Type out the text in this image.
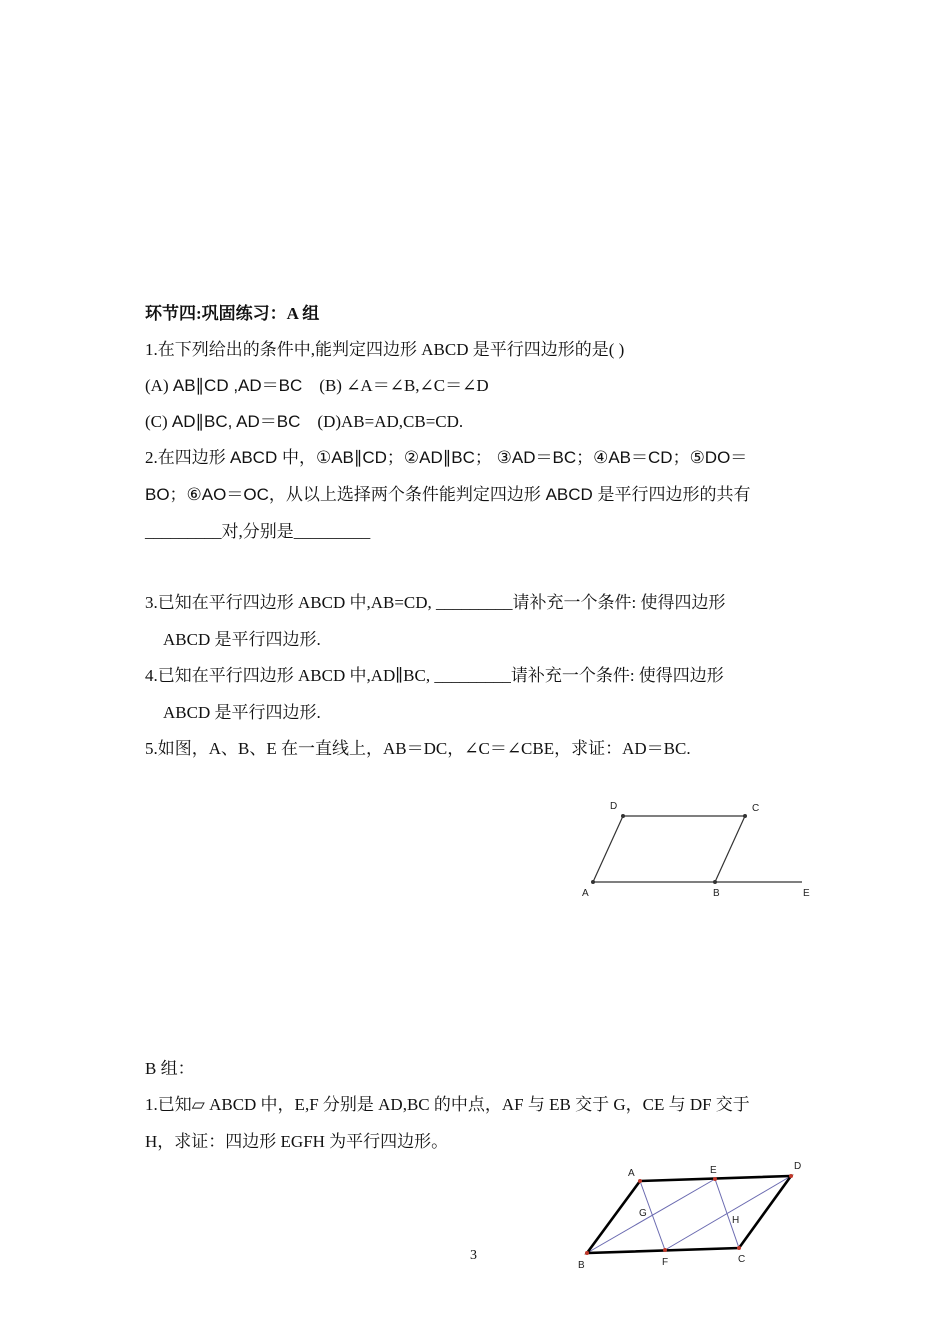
环节四:巩固练习：A 组
1.在下列给出的条件中,能判定四边形 ABCD 是平行四边形的是( )
(A) AB∥CD ,AD＝BC    (B) ∠A＝∠B,∠C＝∠D
(C) AD∥BC, AD＝BC    (D)AB=AD,CB=CD.
2.在四边形 ABCD 中，①AB∥CD；②AD∥BC； ③AD＝BC；④AB＝CD；⑤DO＝
BO；⑥AO＝OC，从以上选择两个条件能判定四边形 ABCD 是平行四边形的共有
_________对,分别是_________
3.已知在平行四边形 ABCD 中,AB=CD, _________请补充一个条件: 使得四边形
ABCD 是平行四边形.
4.已知在平行四边形 ABCD 中,AD∥BC, _________请补充一个条件: 使得四边形
ABCD 是平行四边形.
5.如图，A、B、E 在一直线上，AB＝DC，∠C＝∠CBE，求证：AD＝BC.
D	C
A	B	E
B 组：
1.已知▱ ABCD 中，E,F 分别是 AD,BC 的中点，AF 与 EB 交于 G，CE 与 DF 交于
H，求证：四边形 EGFH 为平行四边形。
A	E	D
G
H
B	F	C
3
